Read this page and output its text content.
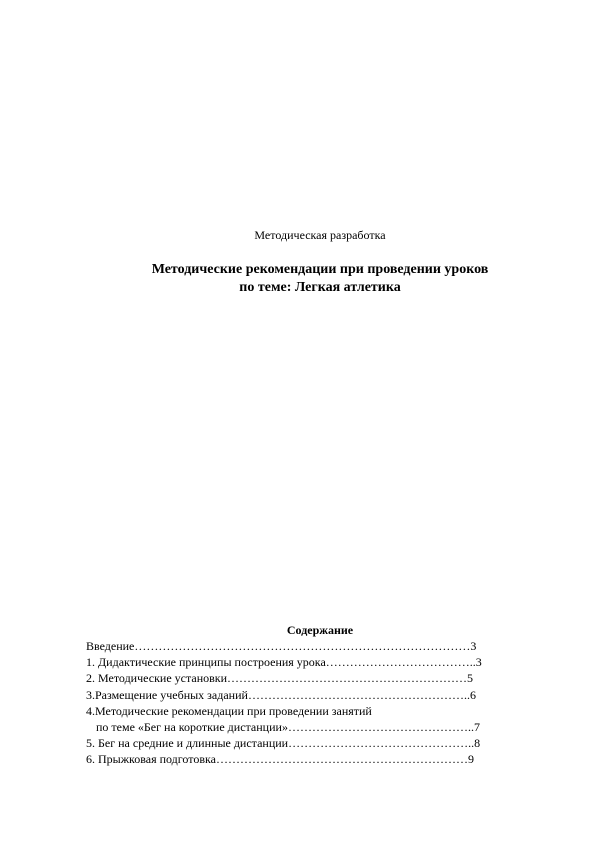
Методическая разработка
Методические рекомендации при проведении уроков
по теме: Легкая атлетика
Содержание
Введение…………………………………………………………………………3
1. Дидактические принципы построения урока………………………………..3
2. Методические установки……………………………………………………5
3.Размещение учебных заданий………………………………………………..6
4.Методические рекомендации при проведении занятий
по теме «Бег на короткие дистанции»………………………………………..7
5. Бег на средние и длинные дистанции………………………………………..8
6. Прыжковая подготовка………………………………………………………9
